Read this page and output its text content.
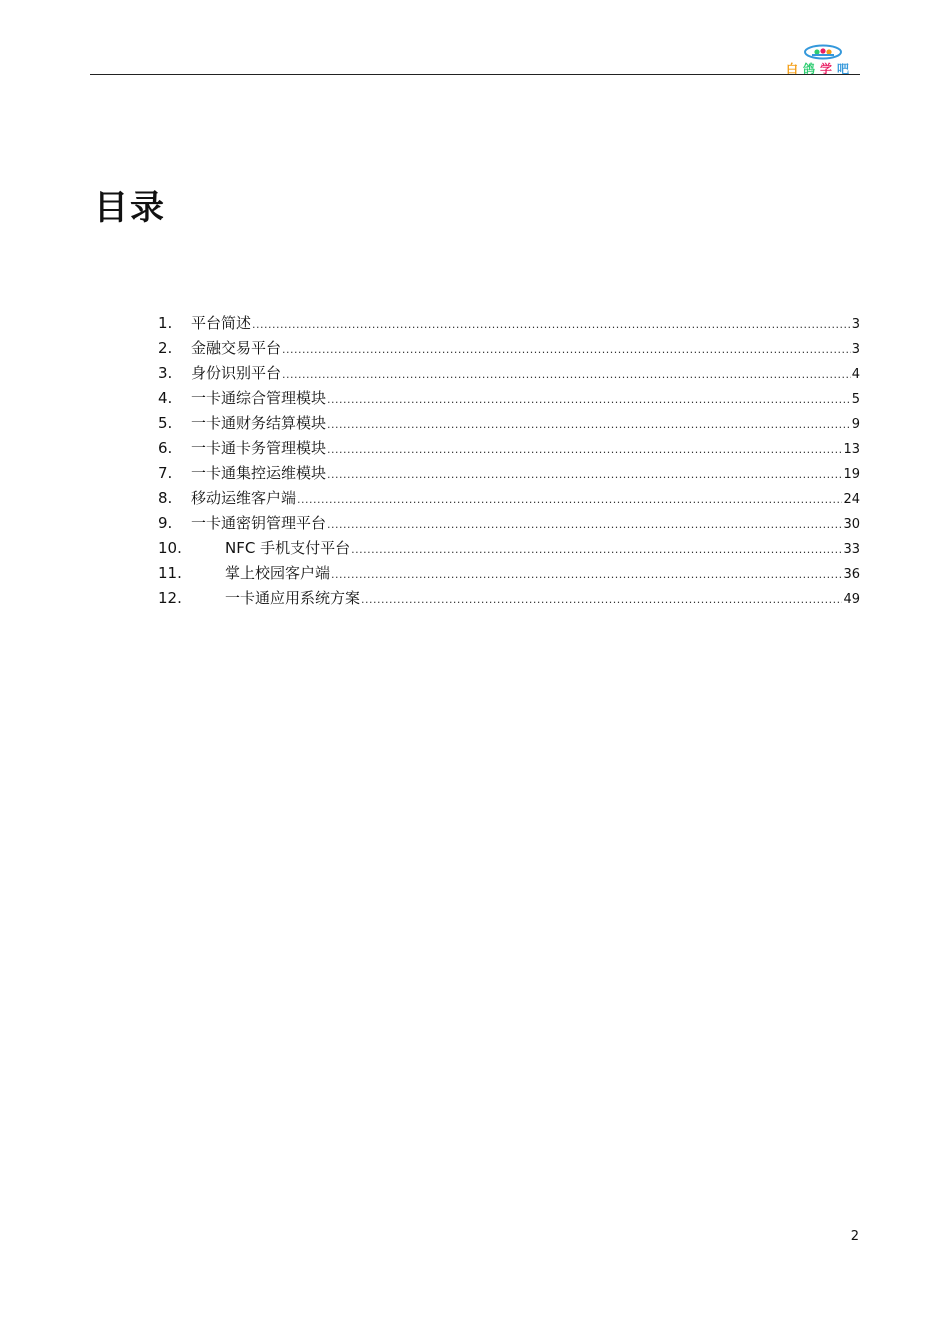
白鸽学吧
目录
1.	平台简述 .....	3
2.	金融交易平台 .....	3
3.	身份识别平台 .....	4
4.	一卡通综合管理模块 .....	5
5.	一卡通财务结算模块 .....	9
6.	一卡通卡务管理模块 .....	13
7.	一卡通集控运维模块 .....	19
8.	移动运维客户端 .....	24
9.	一卡通密钥管理平台 .....	30
10.	NFC 手机支付平台 .....	33
11.	掌上校园客户端 .....	36
12.	一卡通应用系统方案 .....	49
2
